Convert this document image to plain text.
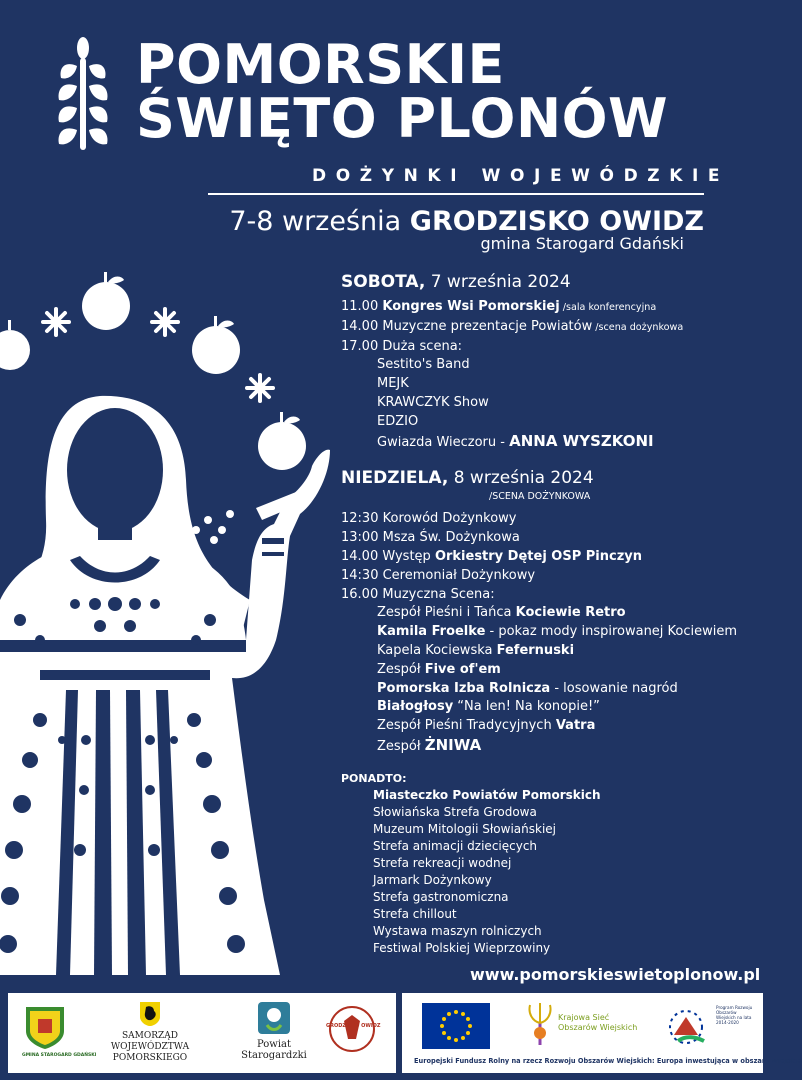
POMORSKIE
ŚWIĘTO PLONÓW
DOŻYNKI WOJEWÓDZKIE
7-8 września GRODZISKO OWIDZ
gmina Starogard Gdański
SOBOTA, 7 września 2024
11.00 Kongres Wsi Pomorskiej /sala konferencyjna
14.00 Muzyczne prezentacje Powiatów /scena dożynkowa
17.00 Duża scena:
Sestito's Band
MEJK
KRAWCZYK Show
EDZIO
Gwiazda Wieczoru - ANNA WYSZKONI
NIEDZIELA, 8 września 2024
/SCENA DOŻYNKOWA
12:30 Korowód Dożynkowy
13:00 Msza Św. Dożynkowa
14.00 Występ Orkiestry Dętej OSP Pinczyn
14:30 Ceremoniał Dożynkowy
16.00 Muzyczna Scena:
Zespół Pieśni i Tańca Kociewie Retro
Kamila Froelke - pokaz mody inspirowanej Kociewiem
Kapela Kociewska Fefernuski
Zespół Five of'em
Pomorska Izba Rolnicza - losowanie nagród
Białogłosy “Na len! Na konopie!”
Zespół Pieśni Tradycyjnych Vatra
Zespół ŻNIWA
PONADTO:
Miasteczko Powiatów Pomorskich
Słowiańska Strefa Grodowa
Muzeum Mitologii Słowiańskiej
Strefa animacji dziecięcych
Strefa rekreacji wodnej
Jarmark Dożynkowy
Strefa gastronomiczna
Strefa chillout
Wystawa maszyn rolniczych
Festiwal Polskiej Wieprzowiny
www.pomorskieswietoplonow.pl
GMINA STAROGARD GDAŃSKI
SAMORZĄD
WOJEWÓDZTWA POMORSKIEGO
Powiat Starogardzki
GRODZISKO OWIDZ
Krajowa Sieć
Obszarów Wiejskich
Program Rozwoju Obszarów Wiejskich na lata 2014-2020
Europejski Fundusz Rolny na rzecz Rozwoju Obszarów Wiejskich: Europa inwestująca w obszary wiejskie
